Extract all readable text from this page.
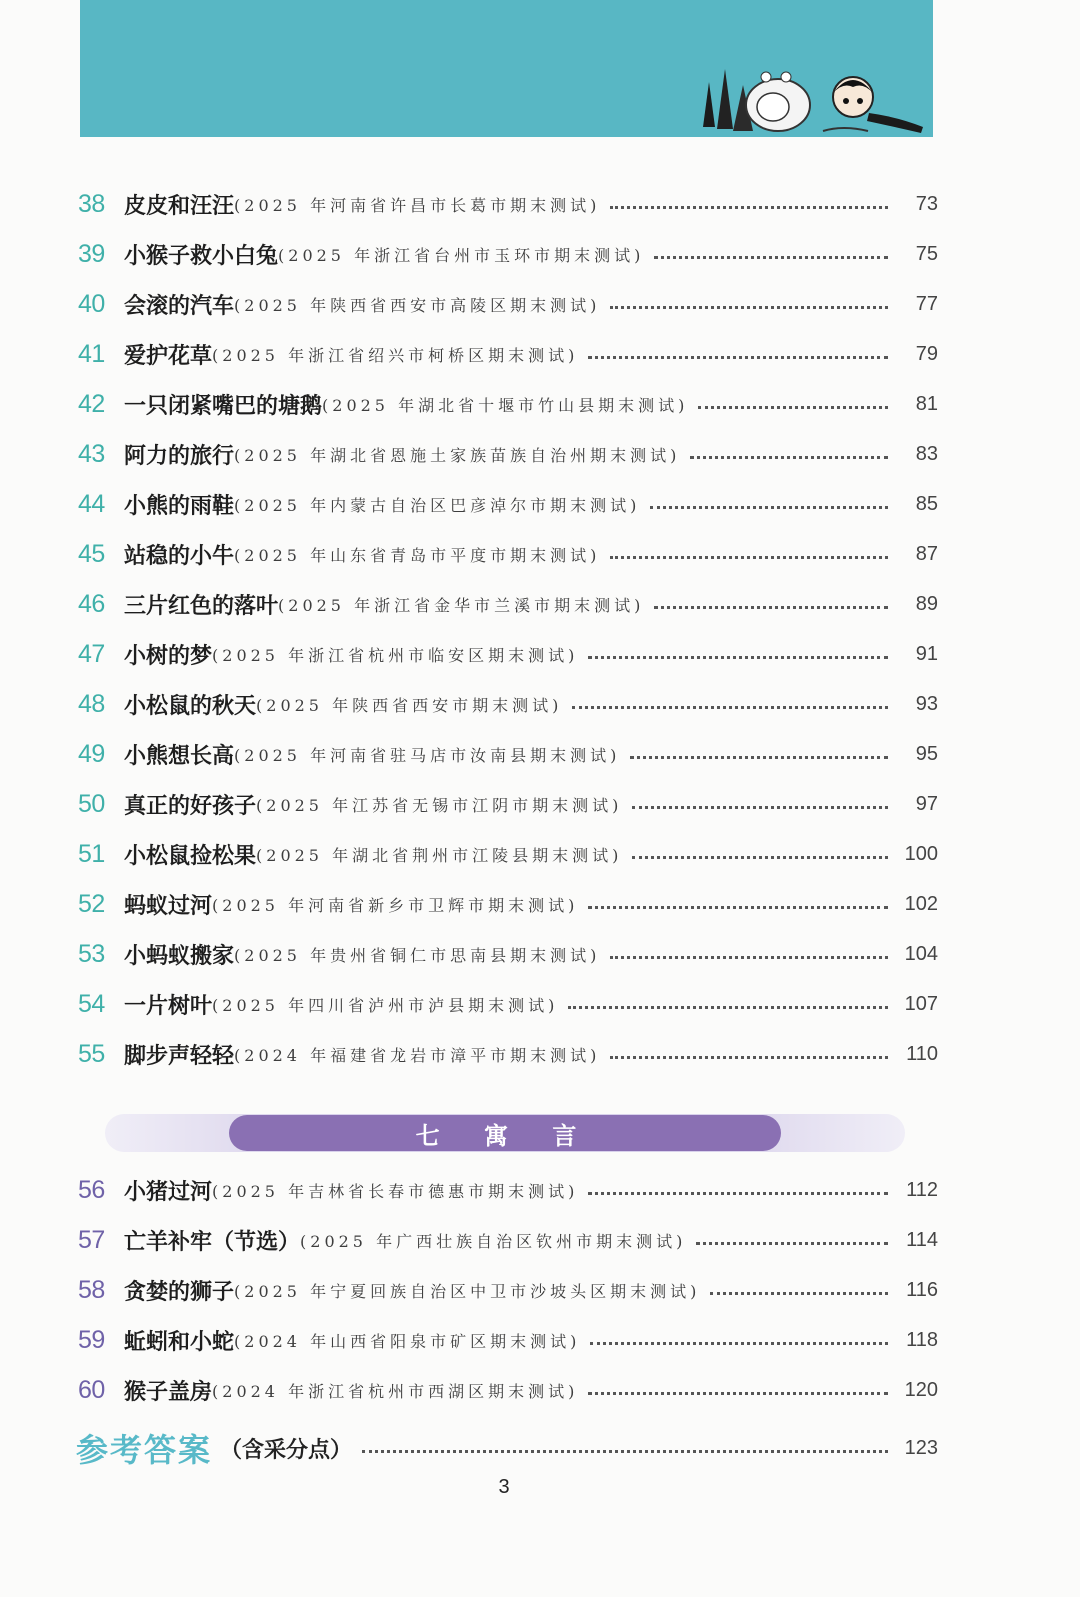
38 皮皮和汪汪 (2025 年河南省许昌市长葛市期末测试)	73
39 小猴子救小白兔 (2025 年浙江省台州市玉环市期末测试)	75
40 会滚的汽车 (2025 年陕西省西安市高陵区期末测试)	77
41 爱护花草 (2025 年浙江省绍兴市柯桥区期末测试)	79
42 一只闭紧嘴巴的塘鹅 (2025 年湖北省十堰市竹山县期末测试)	81
43 阿力的旅行 (2025 年湖北省恩施土家族苗族自治州期末测试)	83
44 小熊的雨鞋 (2025 年内蒙古自治区巴彦淖尔市期末测试)	85
45 站稳的小牛 (2025 年山东省青岛市平度市期末测试)	87
46 三片红色的落叶 (2025 年浙江省金华市兰溪市期末测试)	89
47 小树的梦 (2025 年浙江省杭州市临安区期末测试)	91
48 小松鼠的秋天 (2025 年陕西省西安市期末测试)	93
49 小熊想长高 (2025 年河南省驻马店市汝南县期末测试)	95
50 真正的好孩子 (2025 年江苏省无锡市江阴市期末测试)	97
51 小松鼠捡松果 (2025 年湖北省荆州市江陵县期末测试)	100
52 蚂蚁过河 (2025 年河南省新乡市卫辉市期末测试)	102
53 小蚂蚁搬家 (2025 年贵州省铜仁市思南县期末测试)	104
54 一片树叶 (2025 年四川省泸州市泸县期末测试)	107
55 脚步声轻轻 (2024 年福建省龙岩市漳平市期末测试)	110
七 寓 言
56 小猪过河 (2025 年吉林省长春市德惠市期末测试)	112
57 亡羊补牢（节选） (2025 年广西壮族自治区钦州市期末测试)	114
58 贪婪的狮子 (2025 年宁夏回族自治区中卫市沙坡头区期末测试)	116
59 蚯蚓和小蛇 (2024 年山西省阳泉市矿区期末测试)	118
60 猴子盖房 (2024 年浙江省杭州市西湖区期末测试)	120
参考答案 （含采分点）	123
3
